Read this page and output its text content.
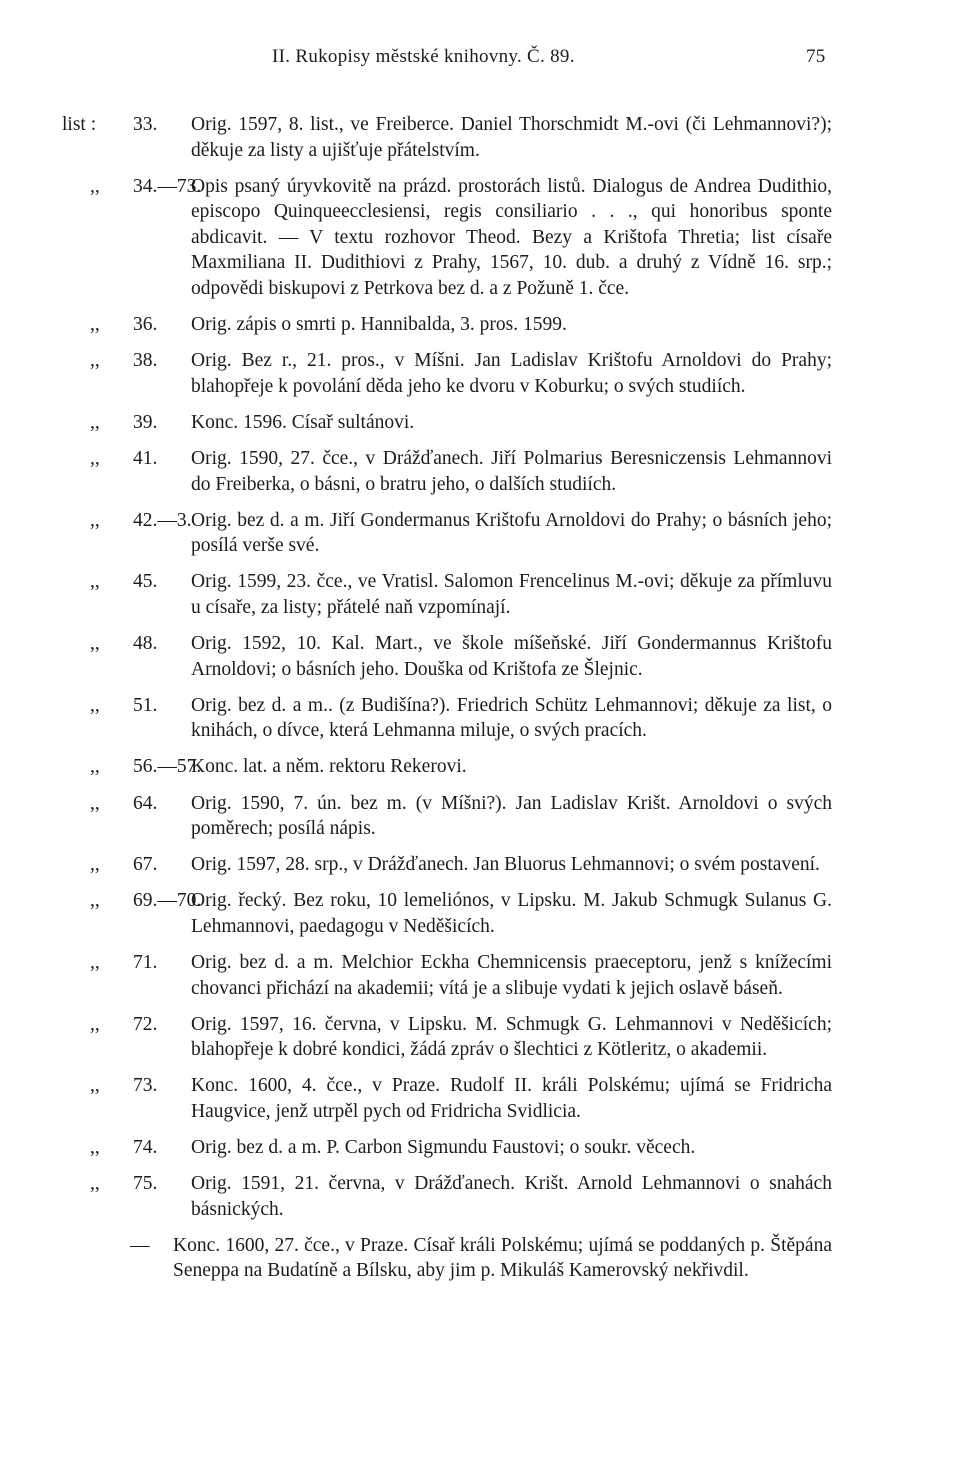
II. Rukopisy městské knihovny. Č. 89.	75
list : 33. Orig. 1597, 8. list., ve Freiberce. Daniel Thorschmidt M.-ovi (či Lehmannovi?); děkuje za listy a ujišťuje přátelstvím.
,, 34.—73.
Opis psaný úryvkovitě na prázd. prostorách listů. Dialogus de Andrea Dudithio, episcopo Quinqueecclesiensi, regis consiliario . . ., qui honoribus sponte abdicavit. — V textu rozhovor Theod. Bezy a Krištofa Thretia; list císaře Maxmiliana II. Dudithiovi z Prahy, 1567, 10. dub. a druhý z Vídně 16. srp.; odpovědi biskupovi z Petrkova bez d. a z Požuně 1. čce.
,, 36. Orig. zápis o smrti p. Hannibalda, 3. pros. 1599.
,, 38. Orig. Bez r., 21. pros., v Míšni. Jan Ladislav Krištofu Arnoldovi do Prahy; blahopřeje k povolání děda jeho ke dvoru v Koburku; o svých studiích.
,, 39. Konc. 1596. Císař sultánovi.
,, 41. Orig. 1590, 27. čce., v Drážďanech. Jiří Polmarius Beresniczensis Lehmannovi do Freiberka, o básni, o bratru jeho, o dalších studiích.
,, 42.—3. Orig. bez d. a m. Jiří Gondermanus Krištofu Arnoldovi do Prahy; o básních jeho; posílá verše své.
,, 45. Orig. 1599, 23. čce., ve Vratisl. Salomon Frencelinus M.-ovi; děkuje za přímluvu u císaře, za listy; přátelé naň vzpomínají.
,, 48. Orig. 1592, 10. Kal. Mart., ve škole míšeňské. Jiří Gondermannus Krištofu Arnoldovi; o básních jeho. Douška od Krištofa ze Šlejnic.
,, 51. Orig. bez d. a m.. (z Budišína?). Friedrich Schütz Lehmannovi; děkuje za list, o knihách, o dívce, která Lehmanna miluje, o svých pracích.
,, 56.—57.
Konc. lat. a něm. rektoru Rekerovi.
,, 64. Orig. 1590, 7. ún. bez m. (v Míšni?). Jan Ladislav Krišt. Arnoldovi o svých poměrech; posílá nápis.
,, 67. Orig. 1597, 28. srp., v Drážďanech. Jan Bluorus Lehmannovi; o svém postavení.
,, 69.—70.
Orig. řecký. Bez roku, 10 lemeliónos, v Lipsku. M. Jakub Schmugk Sulanus G. Lehmannovi, paedagogu v Neděšicích.
,, 71. Orig. bez d. a m. Melchior Eckha Chemnicensis praeceptoru, jenž s knížecími chovanci přichází na akademii; vítá je a slibuje vydati k jejich oslavě báseň.
,, 72. Orig. 1597, 16. června, v Lipsku. M. Schmugk G. Lehmannovi v Neděšicích; blahopřeje k dobré kondici, žádá zpráv o šlechtici z Kötleritz, o akademii.
,, 73. Konc. 1600, 4. čce., v Praze. Rudolf II. králi Polskému; ujímá se Fridricha Haugvice, jenž utrpěl pych od Fridricha Svidlicia.
,, 74. Orig. bez d. a m. P. Carbon Sigmundu Faustovi; o soukr. věcech.
,, 75. Orig. 1591, 21. června, v Drážďanech. Krišt. Arnold Lehmannovi o snahách básnických.
— Konc. 1600, 27. čce., v Praze. Císař králi Polskému; ujímá se poddaných p. Štěpána Seneppa na Budatíně a Bílsku, aby jim p. Mikuláš Kamerovský nekřivdil.
